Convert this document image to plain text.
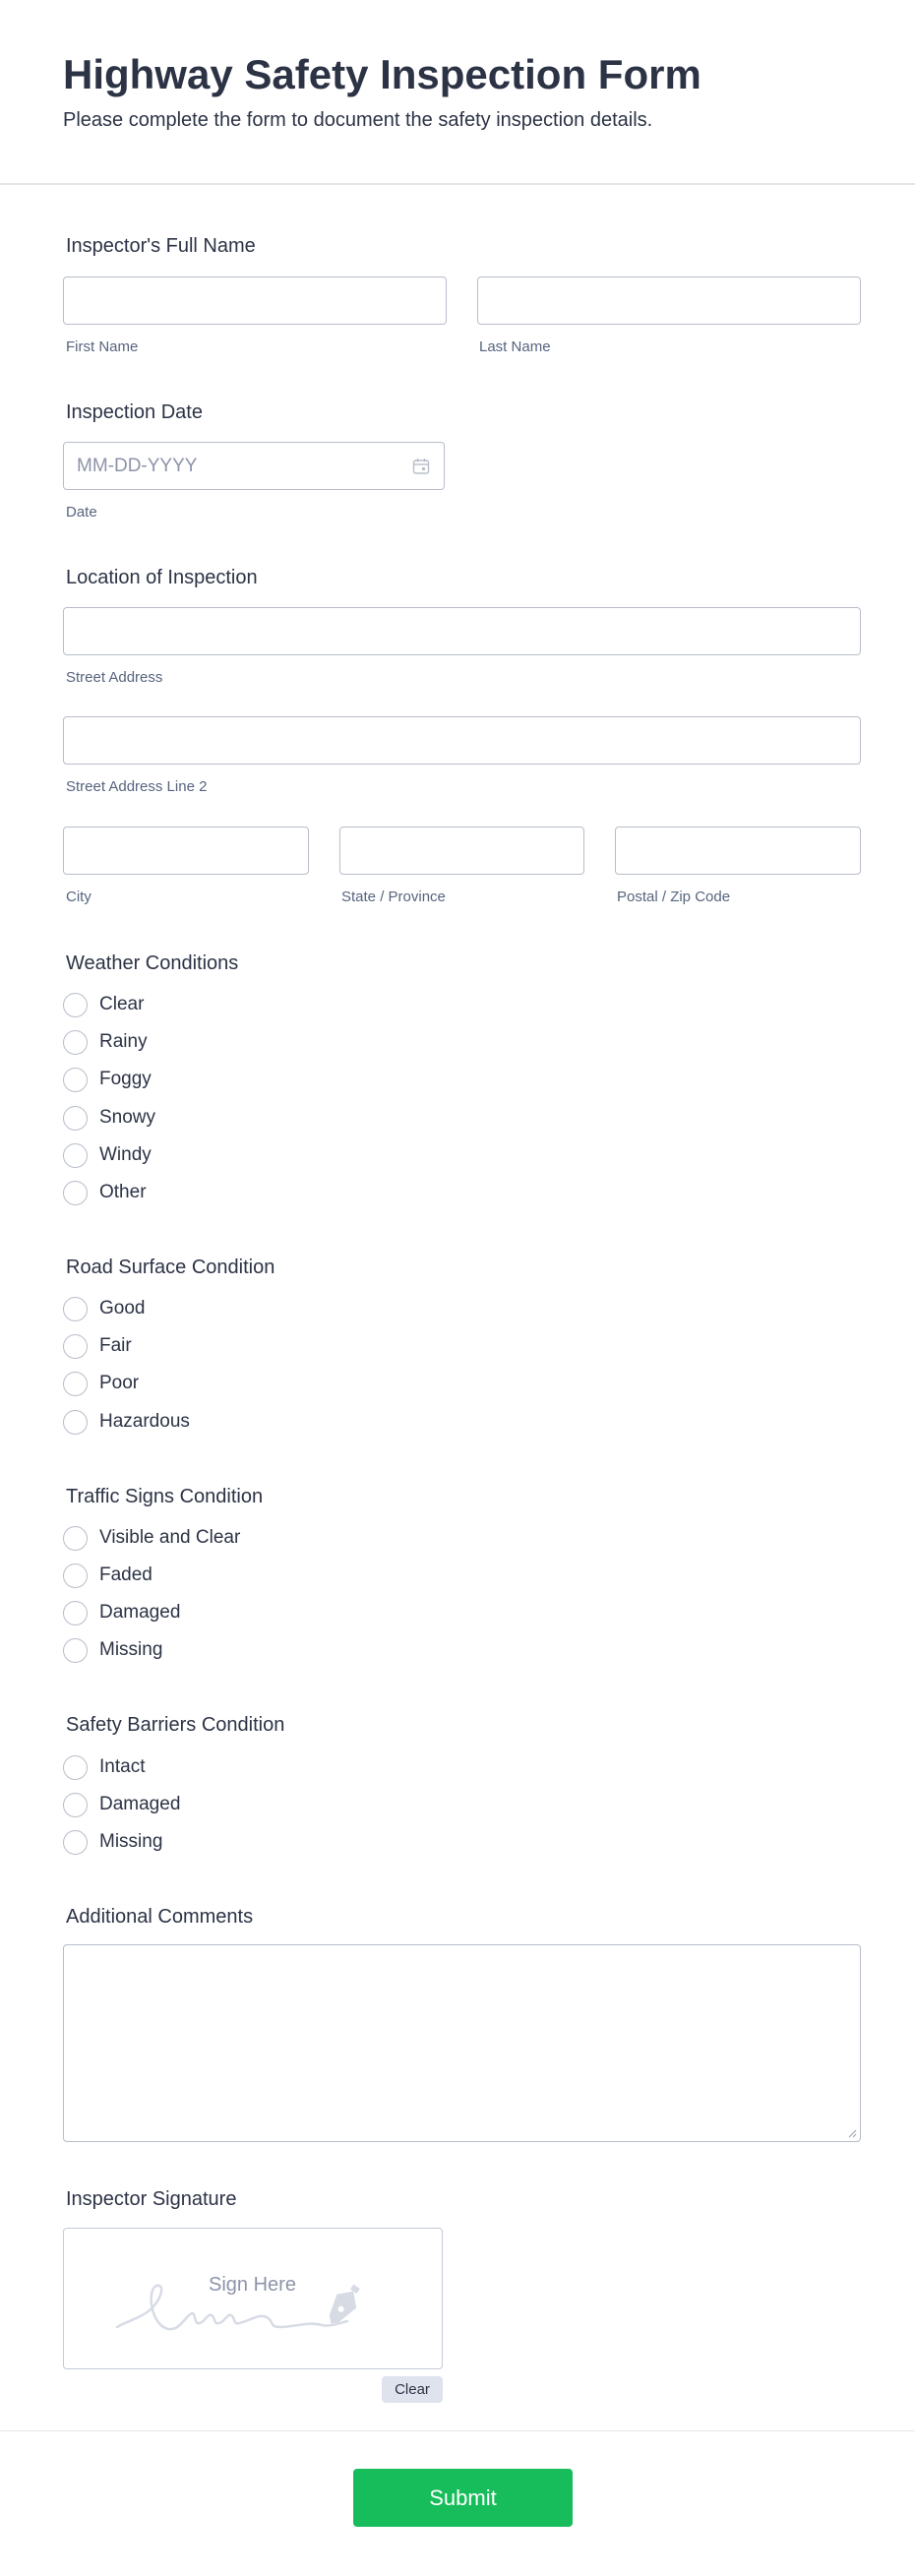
Highway Safety Inspection Form
Please complete the form to document the safety inspection details.
Inspector's Full Name
First Name	Last Name
Inspection Date
MM-DD-YYYY
Date
Location of Inspection
Street Address
Street Address Line 2
City	State / Province	Postal / Zip Code
Weather Conditions
Clear
Rainy
Foggy
Snowy
Windy
Other
Road Surface Condition
Good
Fair
Poor
Hazardous
Traffic Signs Condition
Visible and Clear
Faded
Damaged
Missing
Safety Barriers Condition
Intact
Damaged
Missing
Additional Comments
Inspector Signature
Sign Here
Clear
Submit
